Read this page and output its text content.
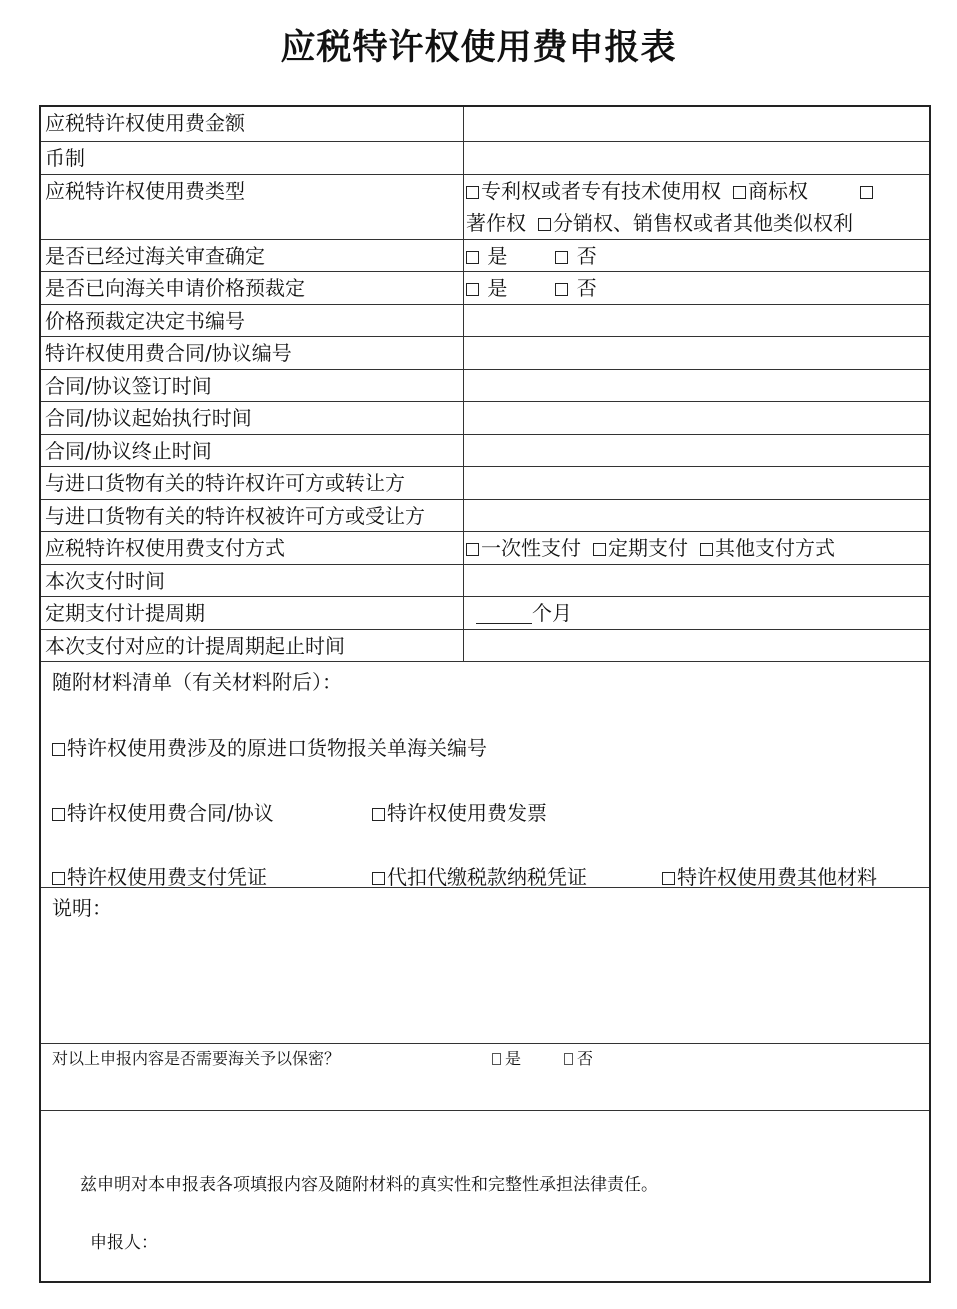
应税特许权使用费申报表
应税特许权使用费金额
币制
应税特许权使用费类型	专利权或者专有技术使用权 商标权
著作权 分销权、销售权或者其他类似权利
是否已经过海关审查确定	是	否
是否已向海关申请价格预裁定	是	否
价格预裁定决定书编号
特许权使用费合同/协议编号
合同/协议签订时间
合同/协议起始执行时间
合同/协议终止时间
与进口货物有关的特许权许可方或转让方
与进口货物有关的特许权被许可方或受让方
应税特许权使用费支付方式	一次性支付 定期支付 其他支付方式
本次支付时间
定期支付计提周期	个月
本次支付对应的计提周期起止时间
随附材料清单（有关材料附后）：
特许权使用费涉及的原进口货物报关单海关编号
特许权使用费合同/协议	特许权使用费发票
特许权使用费支付凭证	代扣代缴税款纳税凭证	特许权使用费其他材料
说明：
对以上申报内容是否需要海关予以保密？	是	否
兹申明对本申报表各项填报内容及随附材料的真实性和完整性承担法律责任。
申报人：
